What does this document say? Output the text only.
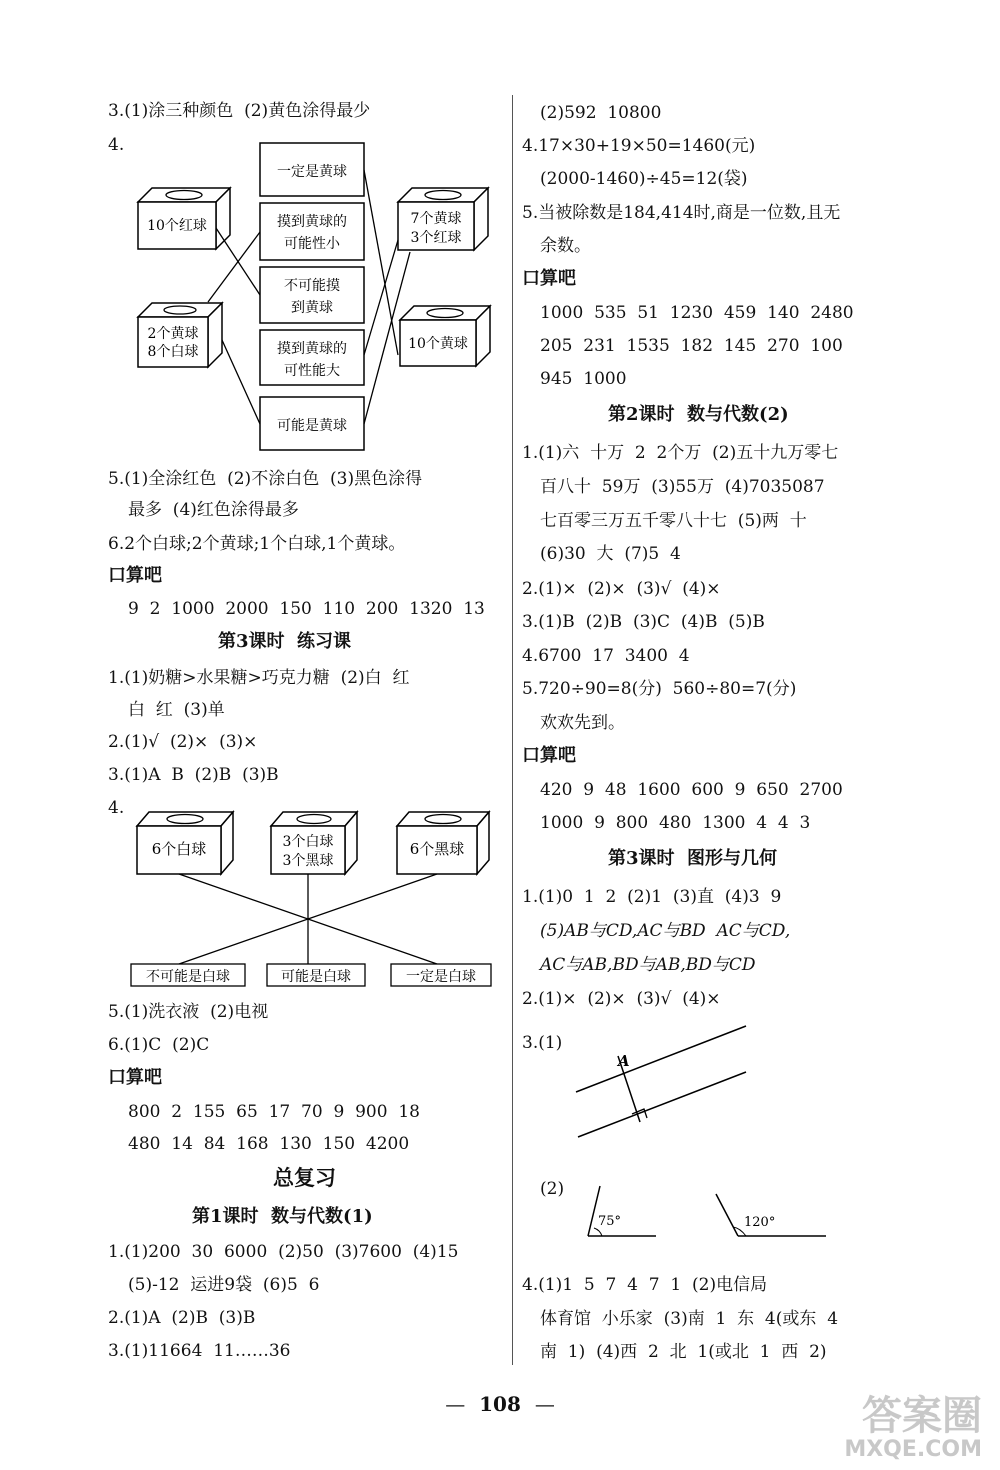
3.(1)涂三种颜色  (2)黄色涂得最少
4.
10个红球
2个黄球
8个白球
一定是黄球
摸到黄球的
可能性小
不可能摸
到黄球
摸到黄球的
可性能大
可能是黄球
7个黄球
3个红球
10个黄球
5.(1)全涂红色  (2)不涂白色  (3)黑色涂得
最多  (4)红色涂得最多
6.2个白球;2个黄球;1个白球,1个黄球。
口算吧
9  2  1000  2000  150  110  200  1320  13
第3课时  练习课
1.(1)奶糖>水果糖>巧克力糖  (2)白  红
白  红  (3)单
2.(1)√  (2)×  (3)×
3.(1)A  B  (2)B  (3)B
4.
6个白球	3个白球
3个黑球
6个黑球
不可能是白球	可能是白球	一定是白球
5.(1)洗衣液  (2)电视
6.(1)C  (2)C
口算吧
800  2  155  65  17  70  9  900  18
480  14  84  168  130  150  4200
总复习
第1课时  数与代数(1)
1.(1)200  30  6000  (2)50  (3)7600  (4)15
(5)-12  运进9袋  (6)5  6
2.(1)A  (2)B  (3)B
3.(1)11664  11……36
(2)592  10800
4.17×30+19×50=1460(元)
(2000-1460)÷45=12(袋)
5.当被除数是184,414时,商是一位数,且无
余数。
口算吧
1000  535  51  1230  459  140  2480
205  231  1535  182  145  270  100
945  1000
第2课时  数与代数(2)
1.(1)六  十万  2  2个万  (2)五十九万零七
百八十  59万  (3)55万  (4)7035087
七百零三万五千零八十七  (5)两  十
(6)30  大  (7)5  4
2.(1)×  (2)×  (3)√  (4)×
3.(1)B  (2)B  (3)C  (4)B  (5)B
4.6700  17  3400  4
5.720÷90=8(分)  560÷80=7(分)
欢欢先到。
口算吧
420  9  48  1600  600  9  650  2700
1000  9  800  480  1300  4  4  3
第3课时  图形与几何
1.(1)0  1  2  (2)1  (3)直  (4)3  9
(5)AB与CD,AC与BD  AC与CD,
AC与AB,BD与AB,BD与CD
2.(1)×  (2)×  (3)√  (4)×
3.(1)
A
(2)
75°	120°
4.(1)1  5  7  4  7  1  (2)电信局
体育馆  小乐家  (3)南  1  东  4(或东  4
南  1)  (4)西  2  北  1(或北  1  西  2)
— 108 —	答案圈
MXQE.COM
